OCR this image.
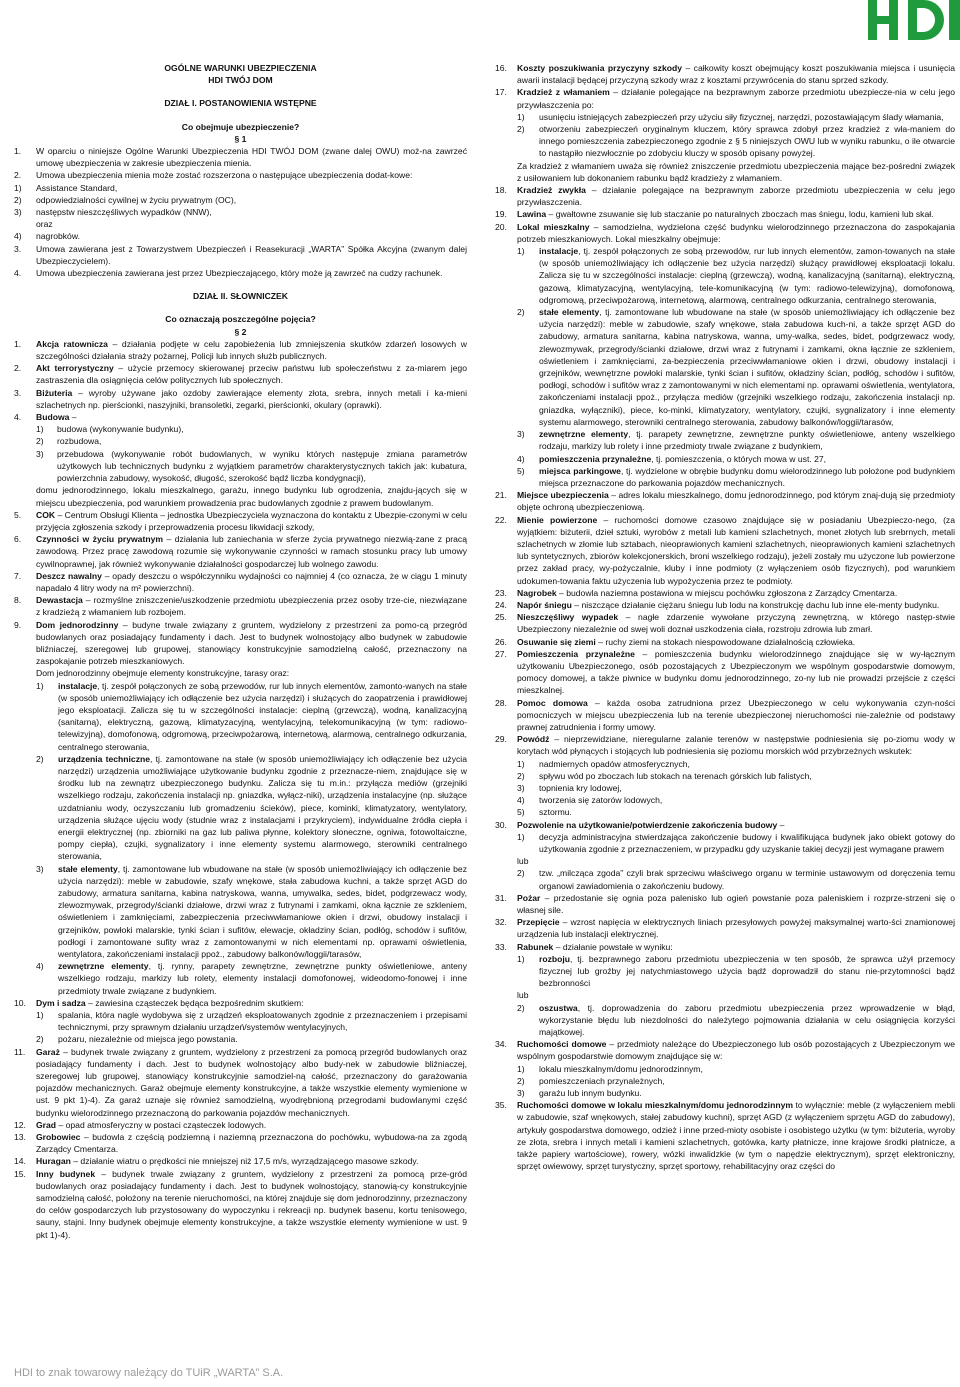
HDI
OGÓLNE WARUNKI UBEZPIECZENIA
HDI TWÓJ DOM
DZIAŁ I. POSTANOWIENIA WSTĘPNE
Co obejmuje ubezpieczenie?
§ 1
1. W oparciu o niniejsze Ogólne Warunki Ubezpieczenia HDI TWÓJ DOM (zwane dalej OWU) moż-na zawrzeć umowę ubezpieczenia w zakresie ubezpieczenia mienia.
2. Umowa ubezpieczenia mienia może zostać rozszerzona o następujące ubezpieczenia dodat-kowe:
1) Assistance Standard,
2) odpowiedzialności cywilnej w życiu prywatnym (OC),
3) następstw nieszczęśliwych wypadków (NNW),
oraz
4) nagrobków.
3. Umowa zawierana jest z Towarzystwem Ubezpieczeń i Reasekuracji „WARTA” Spółka Akcyjna (zwanym dalej Ubezpieczycielem).
4. Umowa ubezpieczenia zawierana jest przez Ubezpieczającego, który może ją zawrzeć na cudzy rachunek.
DZIAŁ II. SŁOWNICZEK
Co oznaczają poszczególne pojęcia?
§ 2
1. Akcja ratownicza – działania podjęte w celu zapobieżenia lub zmniejszenia skutków zdarzeń losowych w szczególności działania straży pożarnej, Policji lub innych służb publicznych.
2. Akt terrorystyczny – użycie przemocy skierowanej przeciw państwu lub społeczeństwu z za-miarem jego zastraszenia dla osiągnięcia celów politycznych lub społecznych.
3. Biżuteria – wyroby używane jako ozdoby zawierające elementy złota, srebra, innych metali i ka-mieni szlachetnych np. pierścionki, naszyjniki, bransoletki, zegarki, pierścionki, okulary (oprawki).
4. Budowa –
1) budowa (wykonywanie budynku),
2) rozbudowa,
3) przebudowa (wykonywanie robót budowlanych, w wyniku których następuje zmiana parametrów użytkowych lub technicznych budynku z wyjątkiem parametrów charakterystycznych takich jak: kubatura, powierzchnia zabudowy, wysokość, długość, szerokość bądź liczba kondygnacji),
domu jednorodzinnego, lokalu mieszkalnego, garażu, innego budynku lub ogrodzenia, znajdu-jących się w miejscu ubezpieczenia, pod warunkiem prowadzenia prac budowlanych zgodnie z prawem budowlanym.
5. COK – Centrum Obsługi Klienta – jednostka Ubezpieczyciela wyznaczona do kontaktu z Ubezpie-czonymi w celu przyjęcia zgłoszenia szkody i przeprowadzenia procesu likwidacji szkody,
6. Czynności w życiu prywatnym – działania lub zaniechania w sferze życia prywatnego niezwią-zane z pracą zawodową. Przez pracę zawodową rozumie się wykonywanie czynności w ramach stosunku pracy lub umowy cywilnoprawnej, jak również wykonywanie działalności gospodarczej lub wolnego zawodu.
7. Deszcz nawalny – opady deszczu o współczynniku wydajności co najmniej 4 (co oznacza, że w ciągu 1 minuty napadało 4 litry wody na m² powierzchni).
8. Dewastacja – rozmyślne zniszczenie/uszkodzenie przedmiotu ubezpieczenia przez osoby trze-cie, niezwiązane z kradzieżą z włamaniem lub rozbojem.
9. Dom jednorodzinny – budyne trwale związany z gruntem, wydzielony z przestrzeni za pomo-cą przegród budowlanych oraz posiadający fundamenty i dach. Jest to budynek wolnostojący albo budynek w zabudowie bliźniaczej, szeregowej lub grupowej, stanowiący konstrukcyjnie samodzielną całość, przeznaczony na zaspokajanie potrzeb mieszkaniowych.
Dom jednorodzinny obejmuje elementy konstrukcyjne, tarasy oraz:
1) instalacje, tj. zespół połączonych ze sobą przewodów, rur lub innych elementów, zamonto-wanych na stałe (w sposób uniemożliwiający ich odłączenie bez użycia narzędzi) i służących do zaopatrzenia i prawidłowej jego eksploatacji. Zalicza się tu w szczególności instalacje: cieplną (grzewczą), wodną, kanalizacyjną (sanitarną), elektryczną, gazową, klimatyzacyjną, wentylacyjną, telekomunikacyjną (w tym: radiowo-telewizyjną), domofonową, odgromową, przeciwpożarową, internetową, alarmową, centralnego odkurzania, centralnego sterowania,
2) urządzenia techniczne, tj. zamontowane na stałe (w sposób uniemożliwiający ich odłączenie bez użycia narzędzi) urządzenia umożliwiające użytkowanie budynku zgodnie z przeznacze-niem, znajdujące się w środku lub na zewnątrz ubezpieczonego budynku. Zalicza się tu m.in.: przyłącza mediów (grzejniki wszelkiego rodzaju, zakończenia instalacji np. gniazdka, wyłącz-niki), urządzenia instalacyjne (np. służące uzdatnianiu wody, oczyszczaniu lub gromadzeniu ścieków), piece, kominki, klimatyzatory, wentylatory, urządzenia służące ujęciu wody (studnie wraz z instalacjami i przykryciem), indywidualne źródła ciepła i energii elektrycznej (np. zbiorniki na gaz lub paliwa płynne, kolektory słoneczne, ogniwa, fotowoltaiczne, pompy ciepła), czujki, sygnalizatory i inne elementy systemu alarmowego, sterowniki centralnego sterowania,
3) stałe elementy, tj. zamontowane lub wbudowane na stałe (w sposób uniemożliwiający ich odłączenie bez użycia narzędzi): meble w zabudowie, szafy wnękowe, stała zabudowa kuchni, a także sprzęt AGD do zabudowy, armatura sanitarna, kabina natryskowa, wanna, umywalka, sedes, bidet, podgrzewacz wody, zlewozmywak, przegrody/ścianki działowe, drzwi wraz z futrynami i zamkami, okna łącznie ze szkleniem, oświetleniem i zamknięciami, zabezpieczenia przeciwwłamaniowe okien i drzwi, obudowy instalacji i grzejników, powłoki malarskie, tynki ścian i sufitów, elewacje, okładziny ścian, podłóg, schodów i sufitów, podłogi i zamontowane sufity wraz z zamontowanymi w nich elementami np. oprawami oświetlenia, wentylatora, zakończeniami instalacji ppoż., zabudowy balkonów/loggii/tarasów,
4) zewnętrzne elementy, tj. rynny, parapety zewnętrzne, zewnętrzne punkty oświetleniowe, anteny wszelkiego rodzaju, markizy lub rolety, elementy instalacji domofonowej, wideodomo-fonowej i inne przedmioty trwale związane z budynkiem.
10. Dym i sadza – zawiesina cząsteczek będąca bezpośrednim skutkiem:
1) spalania, która nagle wydobywa się z urządzeń eksploatowanych zgodnie z przeznaczeniem i przepisami technicznymi, przy sprawnym działaniu urządzeń/systemów wentylacyjnych,
2) pożaru, niezależnie od miejsca jego powstania.
11. Garaż – budynek trwale związany z gruntem, wydzielony z przestrzeni za pomocą przegród budowlanych oraz posiadający fundamenty i dach. Jest to budynek wolnostojący albo budy-nek w zabudowie bliźniaczej, szeregowej lub grupowej, stanowiący konstrukcyjnie samodziel-ną całość, przeznaczony do garażowania pojazdów mechanicznych. Garaż obejmuje elementy konstrukcyjne, a także wszystkie elementy wymienione w ust. 9 pkt 1)-4). Za garaż uznaje się również samodzielną, wyodrębnioną przegrodami budowlanymi część budynku wielorodzinnego przeznaczoną do parkowania pojazdów mechanicznych.
12. Grad – opad atmosferyczny w postaci cząsteczek lodowych.
13. Grobowiec – budowla z częścią podziemną i naziemną przeznaczona do pochówku, wybudowa-na za zgodą Zarządcy Cmentarza.
14. Huragan – działanie wiatru o prędkości nie mniejszej niż 17,5 m/s, wyrządzającego masowe szkody.
15. Inny budynek – budynek trwale związany z gruntem, wydzielony z przestrzeni za pomocą prze-gród budowlanych oraz posiadający fundamenty i dach. Jest to budynek wolnostojący, stanowią-cy konstrukcyjnie samodzielną całość, położony na terenie nieruchomości, na której znajduje się dom jednorodzinny, przeznaczony do celów gospodarczych lub przystosowany do wypoczynku i rekreacji np. budynek basenu, kortu tenisowego, sauny, stajni. Inny budynek obejmuje elementy konstrukcyjne, a także wszystkie elementy wymienione w ust. 9 pkt 1)-4).
16. Koszty poszukiwania przyczyny szkody – całkowity koszt obejmujący koszt poszukiwania miejsca i usunięcia awarii instalacji będącej przyczyną szkody wraz z kosztami przywrócenia do stanu sprzed szkody.
17. Kradzież z włamaniem – działanie polegające na bezprawnym zaborze przedmiotu ubezpiecze-nia w celu jego przywłaszczenia po:
1) usunięciu istniejących zabezpieczeń przy użyciu siły fizycznej, narzędzi, pozostawiającym ślady włamania,
2) otworzeniu zabezpieczeń oryginalnym kluczem, który sprawca zdobył przez kradzież z wła-maniem do innego pomieszczenia zabezpieczonego zgodnie z § 5 niniejszych OWU lub w wyniku rabunku, o ile otwarcie to nastąpiło niezwłocznie po zdobyciu kluczy w sposób opisany powyżej.
Za kradzież z włamaniem uważa się również zniszczenie przedmiotu ubezpieczenia mające bez-pośredni związek z usiłowaniem lub dokonaniem rabunku bądź kradzieży z włamaniem.
18. Kradzież zwykła – działanie polegające na bezprawnym zaborze przedmiotu ubezpieczenia w celu jego przywłaszczenia.
19. Lawina – gwałtowne zsuwanie się lub staczanie po naturalnych zboczach mas śniegu, lodu, kamieni lub skał.
20. Lokal mieszkalny – samodzielna, wydzielona część budynku wielorodzinnego przeznaczona do zaspokajania potrzeb mieszkaniowych. Lokal mieszkalny obejmuje:
1) instalacje, tj. zespół połączonych ze sobą przewodów, rur lub innych elementów, zamon-towanych na stałe (w sposób uniemożliwiający ich odłączenie bez użycia narzędzi) służący prawidłowej eksploatacji lokalu. Zalicza się tu w szczególności instalacje: cieplną (grzewczą), wodną, kanalizacyjną (sanitarną), elektryczną, gazową, klimatyzacyjną, wentylacyjną, tele-komunikacyjną (w tym: radiowo-telewizyjną), domofonową, odgromową, przeciwpożarową, internetową, alarmową, centralnego odkurzania, centralnego sterowania,
2) stałe elementy, tj. zamontowane lub wbudowane na stałe (w sposób uniemożliwiający ich odłączenie bez użycia narzędzi): meble w zabudowie, szafy wnękowe, stała zabudowa kuch-ni, a także sprzęt AGD do zabudowy, armatura sanitarna, kabina natryskowa, wanna, umy-walka, sedes, bidet, podgrzewacz wody, zlewozmywak, przegrody/ścianki działowe, drzwi wraz z futrynami i zamkami, okna łącznie ze szkleniem, oświetleniem i zamknięciami, za-bezpieczenia przeciwwłamaniowe okien i drzwi, obudowy instalacji i grzejników, wewnętrzne powłoki malarskie, tynki ścian i sufitów, okładziny ścian, podłóg, schodów i sufitów, podłogi, schodów i sufitów wraz z zamontowanymi w nich elementami np. oprawami oświetlenia, wentylatora, zakończeniami instalacji ppoż., przyłącza mediów (grzejniki wszelkiego rodzaju, zakończenia instalacji np. gniazdka, wyłączniki), piece, ko-minki, klimatyzatory, wentylatory, czujki, sygnalizatory i inne elementy systemu alarmowego, sterowniki centralnego sterowania, zabudowy balkonów/loggii/tarasów,
3) zewnętrzne elementy, tj. parapety zewnętrzne, zewnętrzne punkty oświetleniowe, anteny wszelkiego rodzaju, markizy lub rolety i inne przedmioty trwale związane z budynkiem,
4) pomieszczenia przynależne, tj. pomieszczenia, o których mowa w ust. 27,
5) miejsca parkingowe, tj. wydzielone w obrębie budynku domu wielorodzinnego lub położone pod budynkiem miejsca przeznaczone do parkowania pojazdów mechanicznych.
21. Miejsce ubezpieczenia – adres lokalu mieszkalnego, domu jednorodzinnego, pod którym znaj-dują się przedmioty objęte ochroną ubezpieczeniową.
22. Mienie powierzone – ruchomości domowe czasowo znajdujące się w posiadaniu Ubezpieczo-nego, (za wyjątkiem: biżuterii, dzieł sztuki, wyrobów z metali lub kamieni szlachetnych, monet złotych lub srebrnych, metali szlachetnych w złomie lub sztabach, nieoprawionych kamieni szlachetnych, nieoprawionych kamieni szlachetnych lub syntetycznych, zbiorów kolekcjonerskich, broni wszelkiego rodzaju), jeżeli zostały mu użyczone lub powierzone przez zakład pracy, wy-pożyczalnie, kluby i inne podmioty (z wyłączeniem osób fizycznych), pod warunkiem udokumen-towania faktu użyczenia lub wypożyczenia przez te podmioty.
23. Nagrobek – budowla naziemna postawiona w miejscu pochówku zgłoszona z Zarządcy Cmentarza.
24. Napór śniegu – niszczące działanie ciężaru śniegu lub lodu na konstrukcję dachu lub inne ele-menty budynku.
25. Nieszczęśliwy wypadek – nagłe zdarzenie wywołane przyczyną zewnętrzną, w którego następ-stwie Ubezpieczony niezależnie od swej woli doznał uszkodzenia ciała, rozstroju zdrowia lub zmarł.
26. Osuwanie się ziemi – ruchy ziemi na stokach niespowodowane działalnością człowieka.
27. Pomieszczenia przynależne – pomieszczenia budynku wielorodzinnego znajdujące się w wy-łącznym użytkowaniu Ubezpieczonego, osób pozostających z Ubezpieczonym we wspólnym gospodarstwie domowym, pomocy domowej, a także piwnice w budynku domu jednorodzinnego, zo-ny lub nie prowadzi przejście z części mieszkalnej.
28. Pomoc domowa – każda osoba zatrudniona przez Ubezpieczonego w celu wykonywania czyn-ności pomocniczych w miejscu ubezpieczenia lub na terenie ubezpieczonej nieruchomości nie-zależnie od podstawy prawnej zatrudnienia i formy umowy.
29. Powódź – nieprzewidziane, nieregularne zalanie terenów w następstwie podniesienia się po-ziomu wody w korytach wód płynących i stojących lub podniesienia się poziomu morskich wód przybrzeżnych wskutek:
1) nadmiernych opadów atmosferycznych,
2) spływu wód po zboczach lub stokach na terenach górskich lub falistych,
3) topnienia kry lodowej,
4) tworzenia się zatorów lodowych,
5) sztormu.
30. Pozwolenie na użytkowanie/potwierdzenie zakończenia budowy –
1) decyzja administracyjna stwierdzająca zakończenie budowy i kwalifikująca budynek jako obiekt gotowy do użytkowania zgodnie z przeznaczeniem, w przypadku gdy uzyskanie takiej decyzji jest wymagane prawem
lub
2) tzw. „milcząca zgoda” czyli brak sprzeciwu właściwego organu w terminie ustawowym od doręczenia temu organowi zawiadomienia o zakończeniu budowy.
31. Pożar – przedostanie się ognia poza palenisko lub ogień powstanie poza paleniskiem i rozprze-strzeni się o własnej sile.
32. Przepięcie – wzrost napięcia w elektrycznych liniach przesyłowych powyżej maksymalnej warto-ści znamionowej urządzenia lub instalacji elektrycznej.
33. Rabunek – działanie powstałe w wyniku:
1) rozboju, tj. bezprawnego zaboru przedmiotu ubezpieczenia w ten sposób, że sprawca użył przemocy fizycznej lub groźby jej natychmiastowego użycia bądź doprowadził do stanu nie-przytomności bądź bezbronności
lub
2) oszustwa, tj. doprowadzenia do zaboru przedmiotu ubezpieczenia przez wprowadzenie w błąd, wykorzystanie błędu lub niezdolności do należytego pojmowania działania w celu osiągnięcia korzyści majątkowej.
34. Ruchomości domowe – przedmioty należące do Ubezpieczonego lub osób pozostających z Ubezpieczonym we wspólnym gospodarstwie domowym znajdujące się w:
1) lokalu mieszkalnym/domu jednorodzinnym,
2) pomieszczeniach przynależnych,
3) garażu lub innym budynku.
35. Ruchomości domowe w lokalu mieszkalnym/domu jednorodzinnym to wyłącznie: meble (z wyłączeniem mebli w zabudowie, szaf wnękowych, stałej zabudowy kuchni), sprzęt AGD (z wyłączeniem sprzętu AGD do zabudowy), artykuły gospodarstwa domowego, odzież i inne przed-mioty osobiste i osobistego użytku (w tym: biżuteria, wyroby ze złota, srebra i innych metali i kamieni szlachetnych, gotówka, karty płatnicze, inne krajowe środki płatnicze, a także papiery wartościowe), rowery, wózki inwalidzkie (w tym o napędzie elektrycznym), sprzęt elektroniczny, sprzęt owiewowy, sprzęt turystyczny, sprzęt sportowy, rehabilitacyjny oraz części do
HDI to znak towarowy należący do TUiR „WARTA” S.A.
